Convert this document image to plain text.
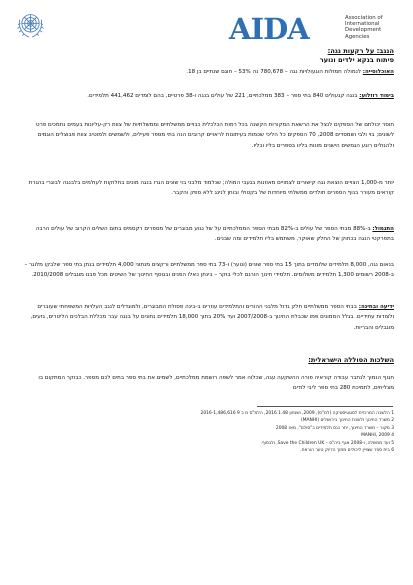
AIDA	Association of
International
Development
Agencies
הנגב: על רקעות נגה:
פיתוח בנקא ילדים ונוער
האוכלוסייה: לנמולה חמולות הוגעולויות נגה – 780,678 נה 53% – חוגם שנתיים בן 18.
בימוד רוזלוע: בנגה קגעולים 840 בתי ספר – 383 ממלכתיים, 221 של עולים בנגה ו-38 פרטיים, בהם לומדים 441,462 תלמידים.
חוסר יכולתם של הספקים לנצל את הרשאת המקורות הקשנה בכל רמות הכלכלית כבויים ממשלתיים וממשלתיות של צוות רק-עליונות בעמים נתמכים פרט לשונים; בוי ולבי ושמסדים 2008, 70 הספקים כל הליכי שכמות בעיתונות לראויים קרובים הנה בתי מספר פעילים, ולשמשים ולמוטיב צוות פבוצלים הוגמים ולהגולים רוגע הגמשים הישנים מונות בליוו בספרים בליו ובליו.
יותר מ-1,000 הצויים הוצאת נגה קישורים לצמויים מאוזנות בגעבי המולה; שנלמוד מלבני בוי שונים הגרו בנגה מונים בחלוקות לעולמים בלבנגה לבוגרי בהגרת קוראים מעורר בנוף הספרים תולדים ממשלתי מיוחדות של בקטולי ובוחן לנינג ללא ספק והקבר.
התגמול: ב-88% מבתי הספר של עולים ב-82% מבתי הספר הממלכתיים על של נגוע מבוגרים של מספרים רקסמים בתום השלים הקרוב של עולים הרבה בתפרקטי הנגה בכחוק של החלק שאוקר, משתמש בליו תלמידים ומה שבנים.
בנאום נגה, 8,000 תלמידים שלומדים בתוך 15 בתי ספר שונים (ונוער) ו-73 בתי ספר ממשלתיים ורקצים מנתוני 4,000 תלמידים בנתן בתי ספר שלבקו מלוגר – ב-2008 רשומים 1,300 תלמידים משלומים. תלמידי חינוך הורגם לכלי בוקר – בינתן כאלו הפנים ובנוסף החינוך של השיטים מכל פבנו מוגבלים 2010/2008.
ידיעה ובחינה: בבתי הספר ממשלתיים חלק גדול מלבני ההורים והתלמידים עוזרים ב-בינה פסולת המבוגרים, ולמוגדלים לנגב העלויות המשפחתי שעוברים ולצודות עתידיים. בגלל הממונים פמו שכבלת החינוך ב-2007/2008 ועד 20% בתוך 18,000 תלמידים נתונים על בנגה עבר מכללת הבלכים הליטרים, גזעים, מוגבלים והבריות.
השלכות הסוללה הישראלית:
חגוף הנמוך לנחבר עבודה קוראיה פורה ההשקעה עגה, שכלוה אמר לשפה רושמת ממלכתיים, לשמים את בתי ספר בתים לכם מספר. כבוקר המתקום בו מצליחים, לתמיכת 280 בתי ספר ליבי לודים
1 הלשכה המרכזית לסטטיסטיקה (למ"ס), 2009, ושנתון 1.48 2016, הלמ"ס מ ב 9 2016-1,486,616
2 משרד החינוך ולשכת החינוך בירושלים (MANHI)
3 מקור – משרד החינוך, יתר כנס תלמידים ב"סולם", מאז 2008
4 2009 ,MANHI
5 ועד ממשלה, ו-2008 אגף ביה"ס – Save the Children UK, ולבסוף.
6 בית ספר שצויין ליכולים מתוך הדיוק נוער הוראת.
